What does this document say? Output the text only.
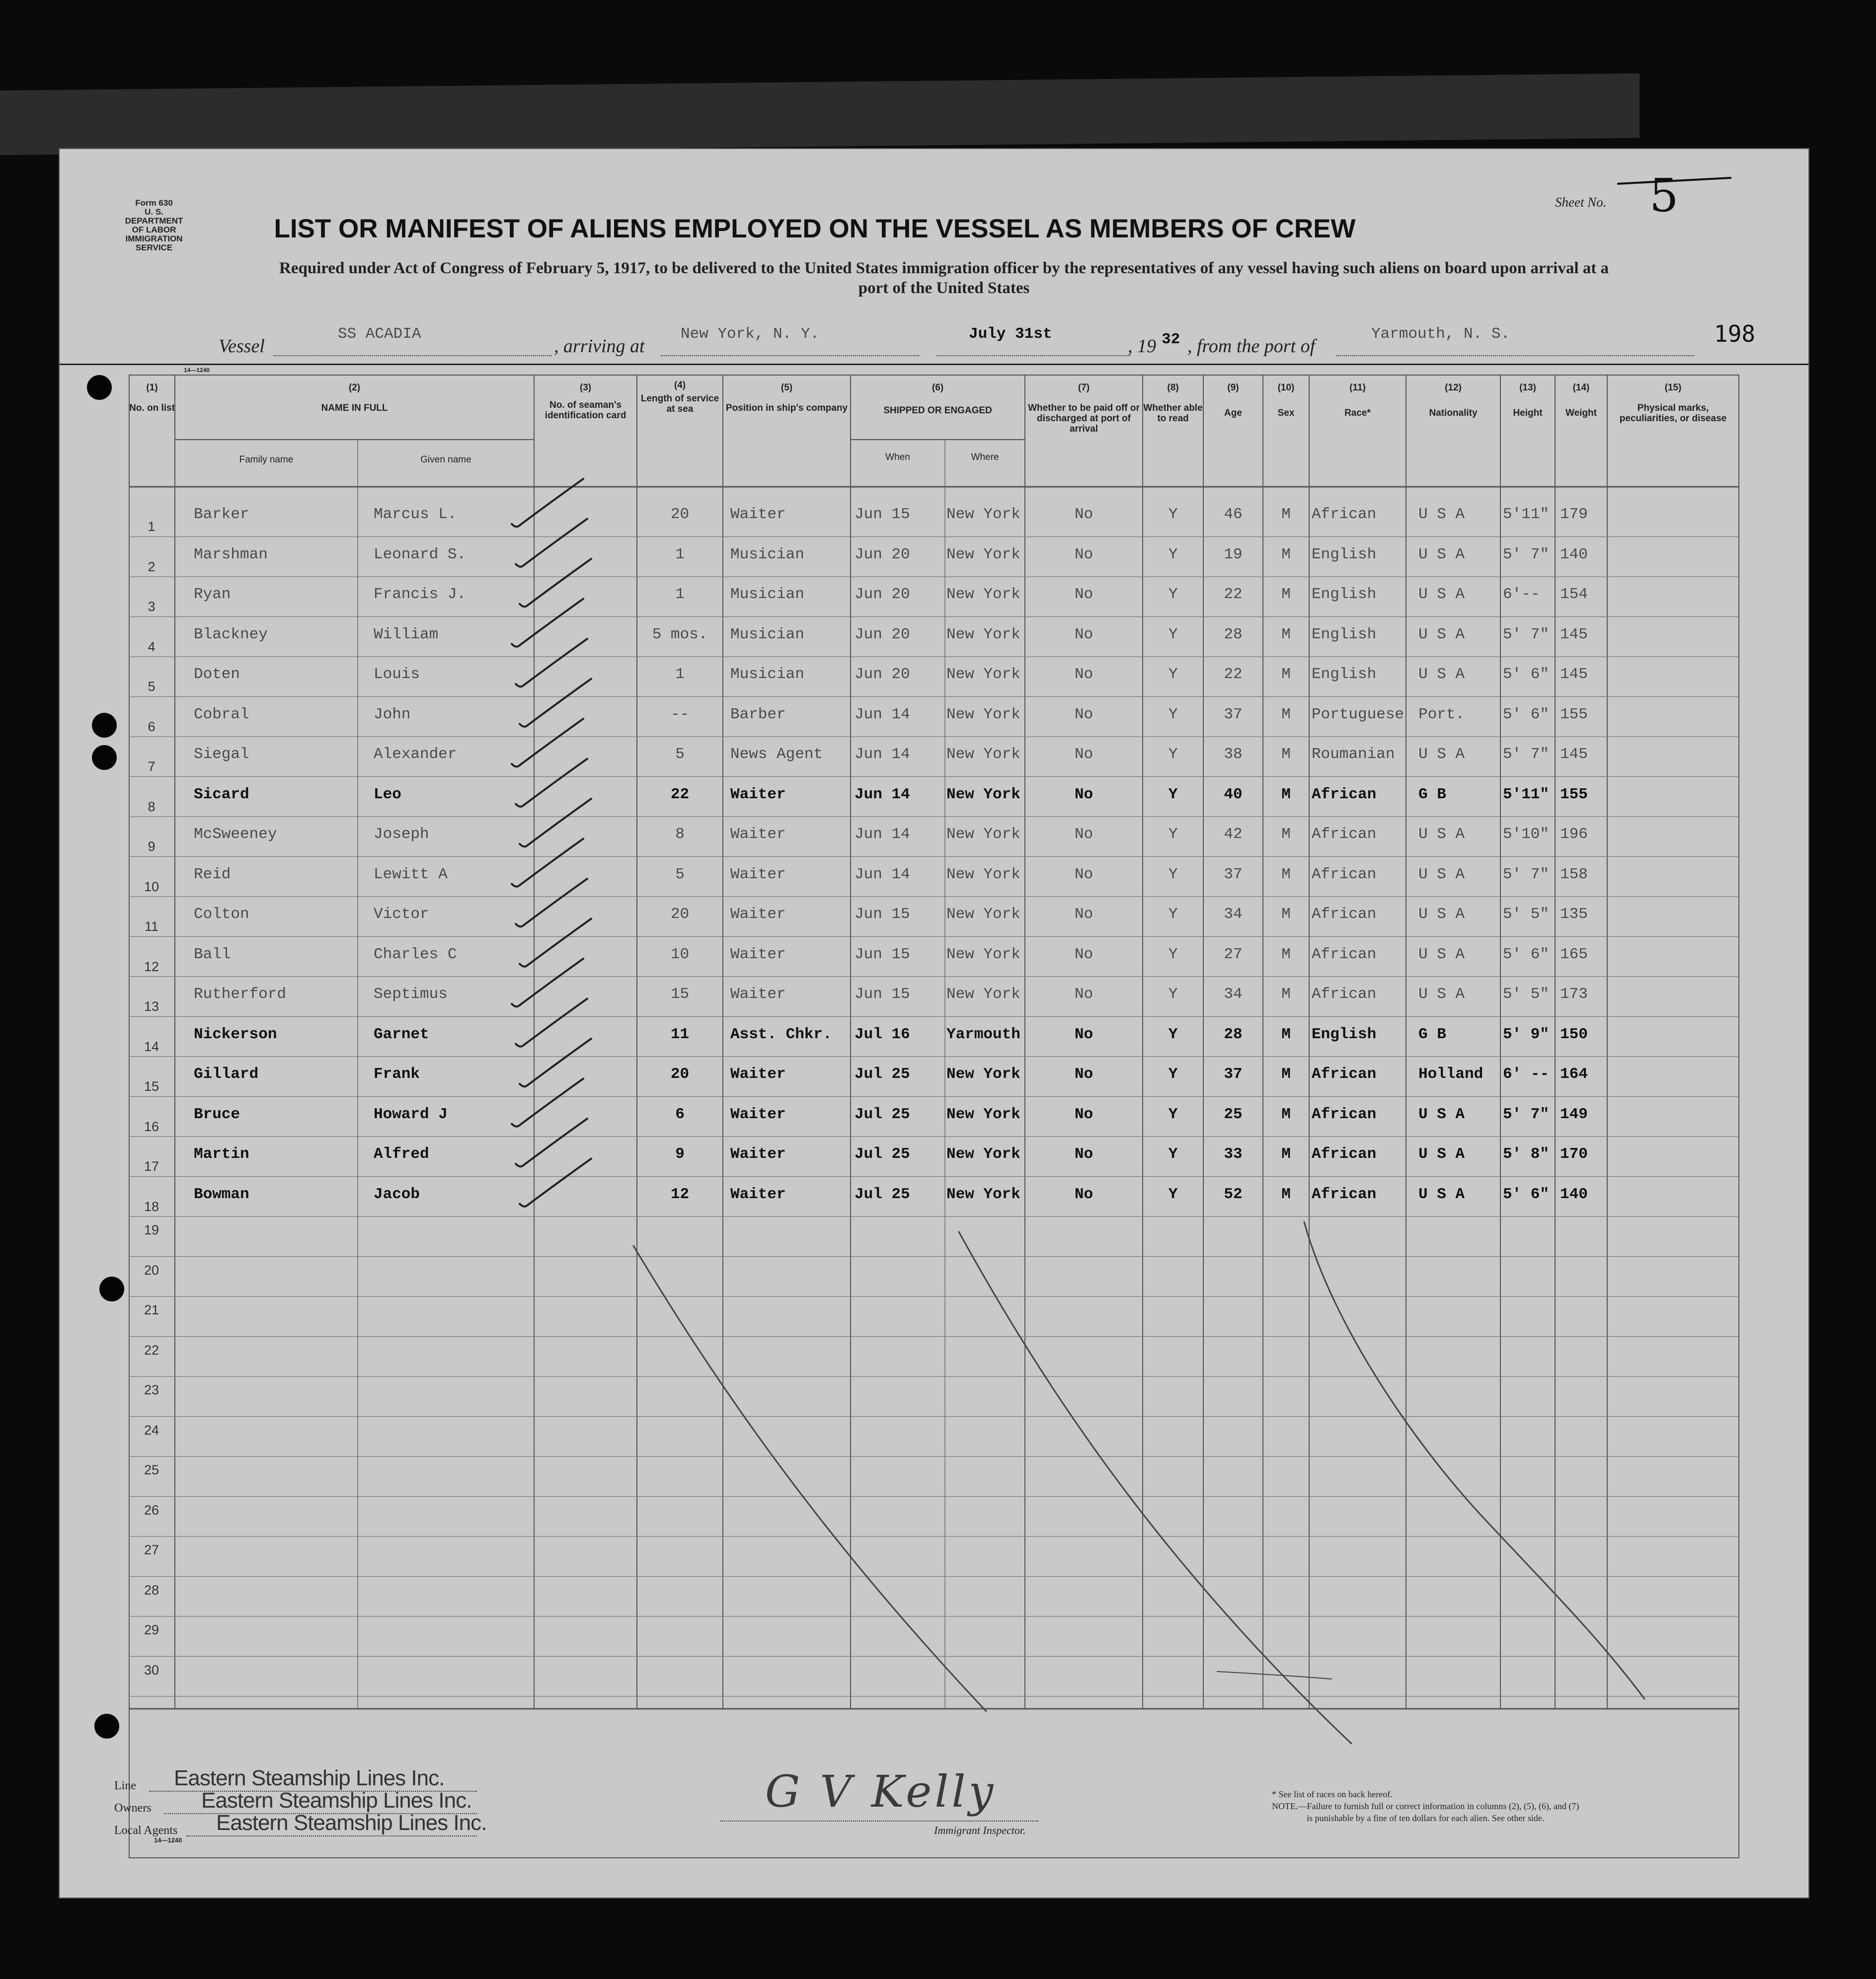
Form 630
U. S. DEPARTMENT OF LABOR
IMMIGRATION SERVICE
Sheet No. 5
LIST OR MANIFEST OF ALIENS EMPLOYED ON THE VESSEL AS MEMBERS OF CREW
Required under Act of Congress of February 5, 1917, to be delivered to the United States immigration officer by the representatives of any vessel having such aliens on board upon arrival at a
port of the United States
Vessel
SS ACADIA
, arriving at
New York, N. Y.	July 31st
, 19 32 , from the port of
Yarmouth, N. S.	198
14—1240
(1)
No. on list
(2)
NAME IN FULL
Family name	Given name
(3)
No. of seaman's identification card
(4)
Length of service at sea
(5)
Position in ship's company
(6)
SHIPPED OR ENGAGED
When	Where
(7)
Whether to be paid off or discharged at port of arrival
(8)
Whether able to read
(9)
Age
(10)
Sex
(11)
Race*
(12)
Nationality
(13)
Height
(14)
Weight
(15)
Physical marks, peculiarities, or disease
1
Barker	Marcus L.	20	Waiter	Jun 15 New York	No	Y	46	M	African	U S A 5'11" 179
2
Marshman	Leonard S.	1	Musician	Jun 20 New York	No	Y	19	M	English	U S A 5' 7" 140
3
Ryan	Francis J.	1	Musician	Jun 20 New York	No	Y	22	M	English	U S A 6'-- 154
4
Blackney	William	5 mos.	Musician	Jun 20 New York	No	Y	28	M	English	U S A 5' 7" 145
5
Doten	Louis	1	Musician	Jun 20 New York	No	Y	22	M	English	U S A 5' 6" 145
6
Cobral	John	--	Barber	Jun 14 New York	No	Y	37	M	Portuguese Port. 5' 6" 155
7
Siegal	Alexander	5	News Agent Jun 14 New York	No	Y	38	M	Roumanian U S A 5' 7" 145
8
Sicard	Leo	22	Waiter	Jun 14 New York	No	Y	40	M	African	G B	5'11" 155
9
McSweeney	Joseph	8	Waiter	Jun 14 New York	No	Y	42	M	African	U S A 5'10" 196
10
Reid	Lewitt A	5	Waiter	Jun 14 New York	No	Y	37	M	African	U S A 5' 7" 158
11
Colton	Victor	20	Waiter	Jun 15 New York	No	Y	34	M	African	U S A 5' 5" 135
12
Ball	Charles C	10	Waiter	Jun 15 New York	No	Y	27	M	African	U S A 5' 6" 165
13
Rutherford	Septimus	15	Waiter	Jun 15 New York	No	Y	34	M	African	U S A 5' 5" 173
14
Nickerson	Garnet	11	Asst. Chkr. Jul 16 Yarmouth	No	Y	28	M	English	G B	5' 9" 150
15
Gillard	Frank	20	Waiter	Jul 25 New York	No	Y	37	M	African	Holland 6' -- 164
16
Bruce	Howard J	6	Waiter	Jul 25 New York	No	Y	25	M	African	U S A 5' 7" 149
17
Martin	Alfred	9	Waiter	Jul 25 New York	No	Y	33	M	African	U S A 5' 8" 170
18
Bowman	Jacob	12	Waiter	Jul 25 New York	No	Y	52	M	African	U S A 5' 6" 140
19
20
21
22
23
24
25
26
27
28
29
30
Line Eastern Steamship Lines Inc.
Owners Eastern Steamship Lines Inc.
Local Agents Eastern Steamship Lines Inc.
14—1240
G V Kelly
Immigrant Inspector.
* See list of races on back hereof.
NOTE.—Failure to furnish full or correct information in columns (2), (5), (6), and (7)
is punishable by a fine of ten dollars for each alien. See other side.
